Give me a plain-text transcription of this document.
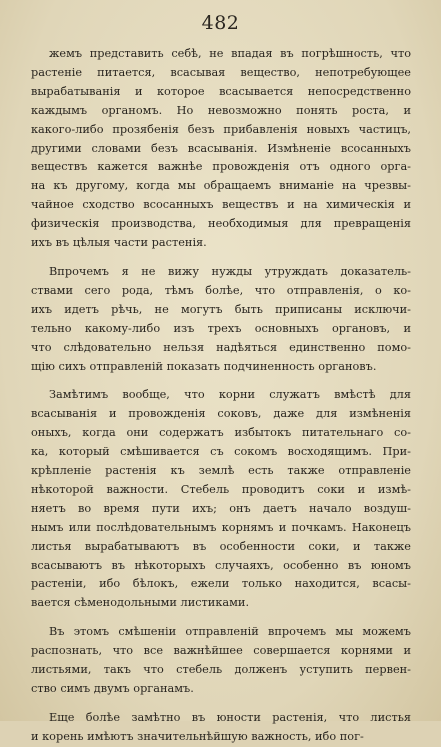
482

жемъ представить себѣ, не впадая въ погрѣшность, что
растеніе питается, всасывая вещество, непотребующее
вырабатыванія и которое всасывается непосредственно
каждымъ органомъ. Но невозможно понять роста, и
какого-либо прозябенія безъ прибавленія новыхъ частицъ,
другими словами безъ всасыванія. Измѣненіе всосанныхъ
веществъ кажется важнѣе провожденія отъ одного орга-
на къ другому, когда мы обращаемъ вниманіе на чрезвы-
чайное сходство всосанныхъ веществъ и на химическія и
физическія производства, необходимыя для превращенія
ихъ въ цѣлыя части растенія.

Впрочемъ я не вижу нужды утруждать доказатель-
ствами сего рода, тѣмъ болѣе, что отправленія, о ко-
ихъ идетъ рѣчь, не могутъ быть приписаны исключи-
тельно какому-либо изъ трехъ основныхъ органовъ, и
что слѣдовательно нельзя надѣяться единственно помо-
щію сихъ отправленій показать подчиненность органовъ.

Замѣтимъ вообще, что корни служатъ вмѣстѣ для
всасыванія и провожденія соковъ, даже для измѣненія
оныхъ, когда они содержатъ избытокъ питательнаго со-
ка, который смѣшивается съ сокомъ восходящимъ. При-
крѣпленіе растенія къ землѣ есть также отправленіе
нѣкоторой важности. Стебель проводитъ соки и измѣ-
няетъ во время пути ихъ; онъ даетъ начало воздуш-
нымъ или послѣдовательнымъ корнямъ и почкамъ. Наконецъ
листья вырабатываютъ въ особенности соки, и также
всасываютъ въ нѣкоторыхъ случаяхъ, особенно въ юномъ
растеніи, ибо бѣлокъ, ежели только находится, всасы-
вается сѣменодольными листиками.

Въ этомъ смѣшеніи отправленій впрочемъ мы можемъ
распознать, что все важнѣйшее совершается корнями и
листьями, такъ что стебель долженъ уступить первен-
ство симъ двумъ органамъ.

Еще болѣе замѣтно въ юности растенія, что листья
и корень имѣютъ значительнѣйшую важность, ибо пог-
